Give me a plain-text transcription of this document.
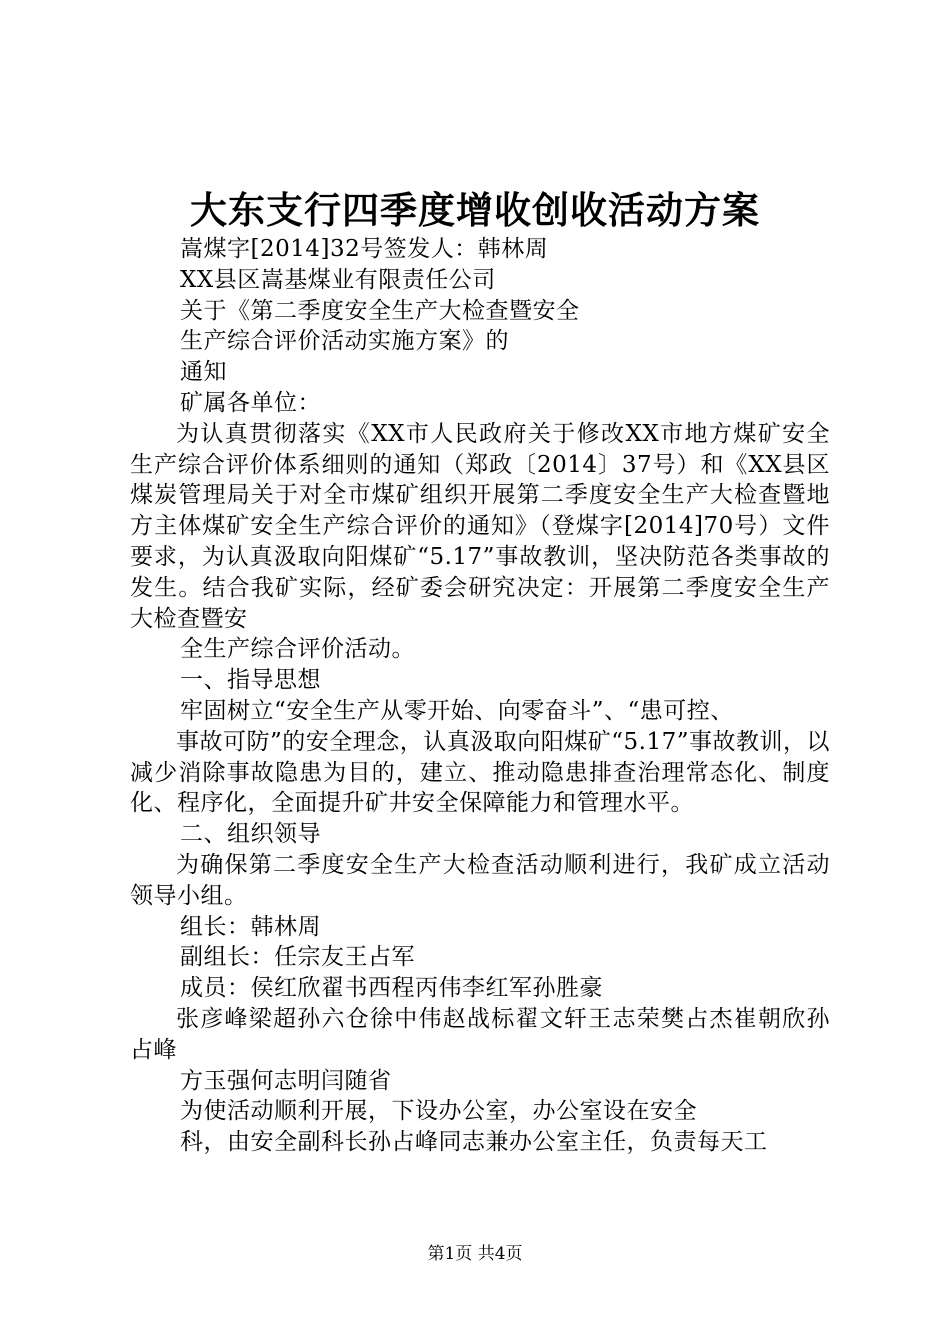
大东支行四季度增收创收活动方案

嵩煤字[2014]32号签发人：韩林周

XX县区嵩基煤业有限责任公司

关于《第二季度安全生产大检查暨安全

生产综合评价活动实施方案》的

通知

矿属各单位：

为认真贯彻落实《XX市人民政府关于修改XX市地方煤矿安全生产综合评价体系细则的通知（郑政〔2014〕37号）和《XX县区煤炭管理局关于对全市煤矿组织开展第二季度安全生产大检查暨地方主体煤矿安全生产综合评价的通知》（登煤字[2014]70号）文件要求，为认真汲取向阳煤矿“5.17”事故教训，坚决防范各类事故的发生。结合我矿实际，经矿委会研究决定：开展第二季度安全生产大检查暨安

全生产综合评价活动。

一、指导思想

牢固树立“安全生产从零开始、向零奋斗”、“患可控、

事故可防”的安全理念，认真汲取向阳煤矿“5.17”事故教训，以减少消除事故隐患为目的，建立、推动隐患排查治理常态化、制度化、程序化，全面提升矿井安全保障能力和管理水平。

二、组织领导

为确保第二季度安全生产大检查活动顺利进行，我矿成立活动领导小组。

组长：韩林周

副组长：任宗友王占军

成员：侯红欣翟书西程丙伟李红军孙胜豪

张彦峰梁超孙六仓徐中伟赵战标翟文轩王志荣樊占杰崔朝欣孙占峰

方玉强何志明闫随省

为使活动顺利开展，下设办公室，办公室设在安全

科，由安全副科长孙占峰同志兼办公室主任，负责每天工

第1页 共4页
